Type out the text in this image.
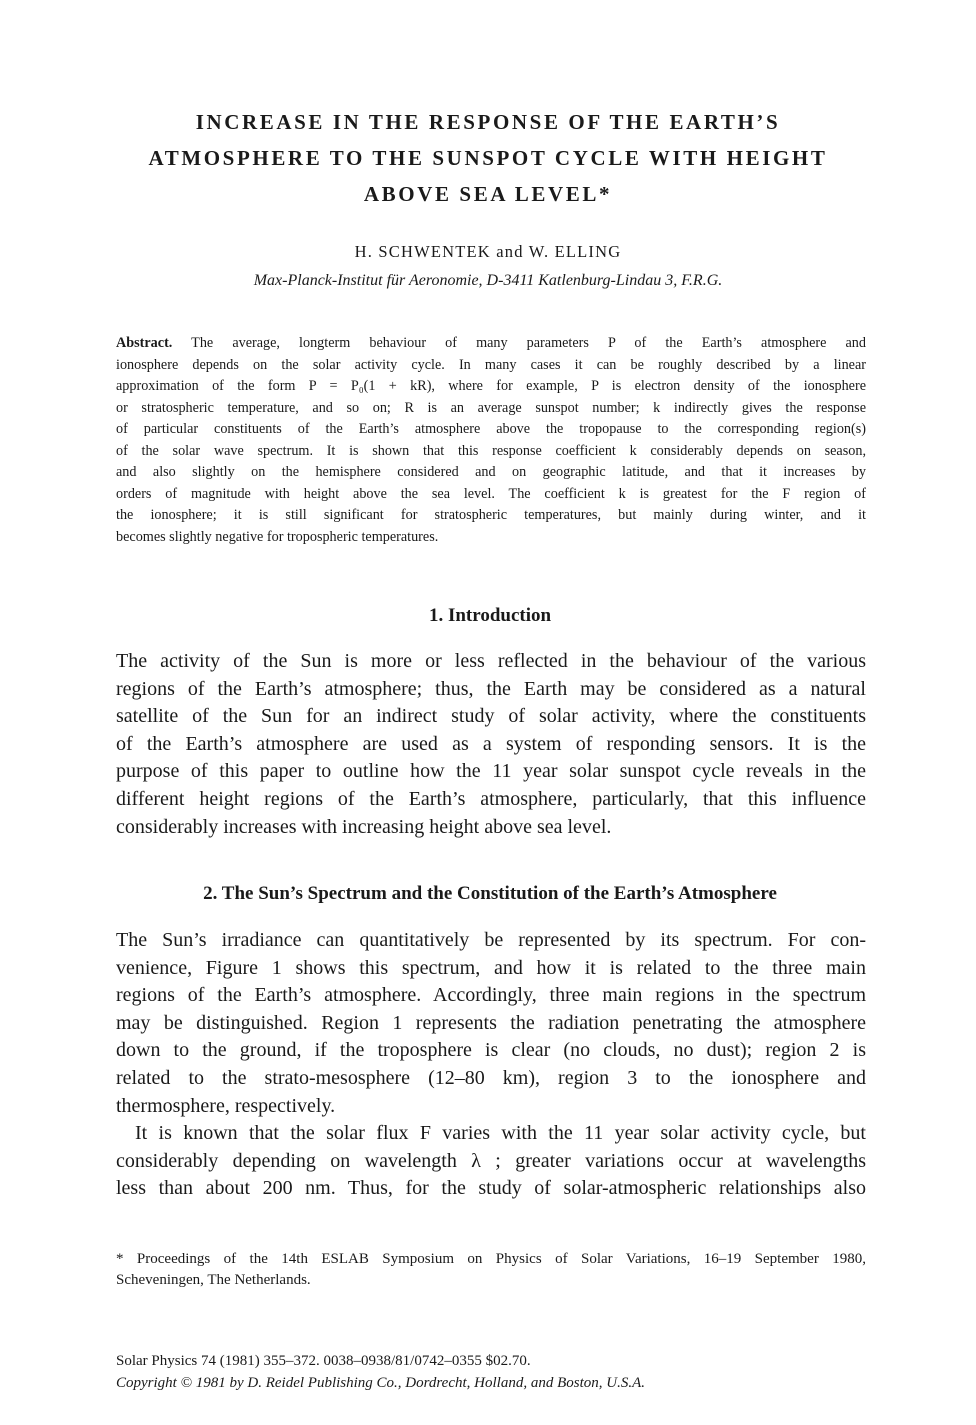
INCREASE IN THE RESPONSE OF THE EARTH’S
ATMOSPHERE TO THE SUNSPOT CYCLE WITH HEIGHT
ABOVE SEA LEVEL*
H. SCHWENTEK and W. ELLING
Max-Planck-Institut für Aeronomie, D-3411 Katlenburg-Lindau 3, F.R.G.
Abstract. The average, longterm behaviour of many parameters P of the Earth’s atmosphere and
ionosphere depends on the solar activity cycle. In many cases it can be roughly described by a linear
approximation of the form P = P₀(1 + kR), where for example, P is electron density of the ionosphere
or stratospheric temperature, and so on; R is an average sunspot number; k indirectly gives the response
of particular constituents of the Earth’s atmosphere above the tropopause to the corresponding region(s)
of the solar wave spectrum. It is shown that this response coefficient k considerably depends on season,
and also slightly on the hemisphere considered and on geographic latitude, and that it increases by
orders of magnitude with height above the sea level. The coefficient k is greatest for the F region of
the ionosphere; it is still significant for stratospheric temperatures, but mainly during winter, and it
becomes slightly negative for tropospheric temperatures.
1. Introduction
The activity of the Sun is more or less reflected in the behaviour of the various
regions of the Earth’s atmosphere; thus, the Earth may be considered as a natural
satellite of the Sun for an indirect study of solar activity, where the constituents
of the Earth’s atmosphere are used as a system of responding sensors. It is the
purpose of this paper to outline how the 11 year solar sunspot cycle reveals in the
different height regions of the Earth’s atmosphere, particularly, that this influence
considerably increases with increasing height above sea level.
2. The Sun’s Spectrum and the Constitution of the Earth’s Atmosphere
The Sun’s irradiance can quantitatively be represented by its spectrum. For con-
venience, Figure 1 shows this spectrum, and how it is related to the three main
regions of the Earth’s atmosphere. Accordingly, three main regions in the spectrum
may be distinguished. Region 1 represents the radiation penetrating the atmosphere
down to the ground, if the troposphere is clear (no clouds, no dust); region 2 is
related to the strato-mesosphere (12–80 km), region 3 to the ionosphere and
thermosphere, respectively.
It is known that the solar flux F varies with the 11 year solar activity cycle, but
considerably depending on wavelength λ ; greater variations occur at wavelengths
less than about 200 nm. Thus, for the study of solar-atmospheric relationships also
* Proceedings of the 14th ESLAB Symposium on Physics of Solar Variations, 16–19 September 1980,
Scheveningen, The Netherlands.
Solar Physics 74 (1981) 355–372. 0038–0938/81/0742–0355 $02.70.
Copyright © 1981 by D. Reidel Publishing Co., Dordrecht, Holland, and Boston, U.S.A.
